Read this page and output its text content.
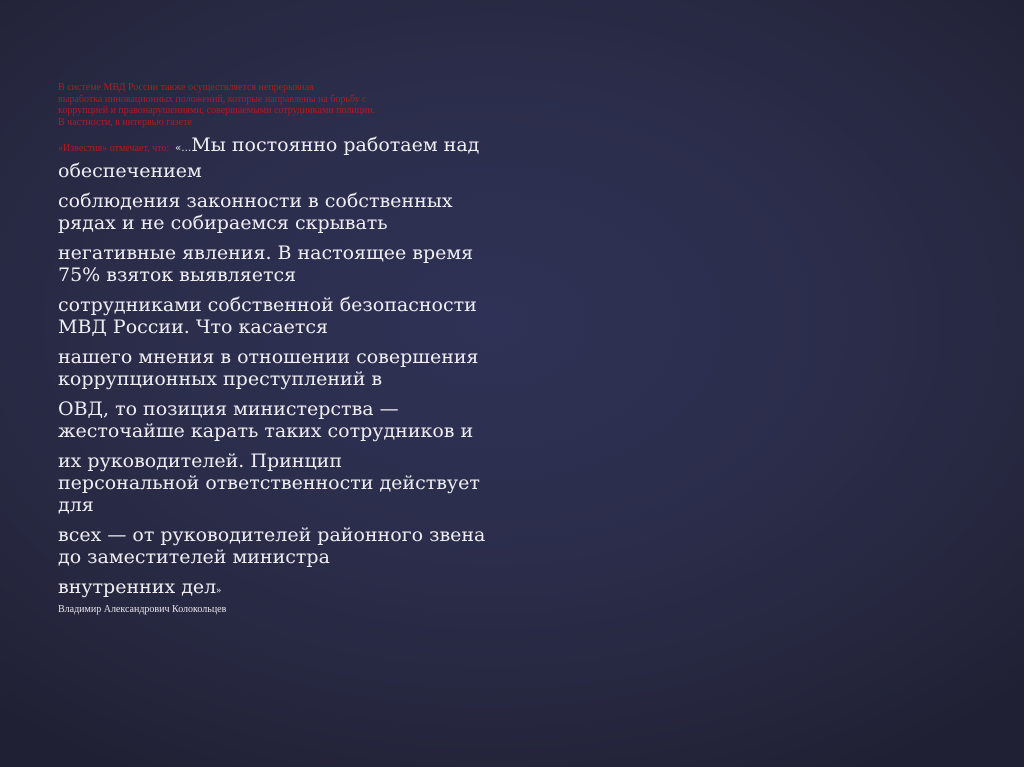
В системе МВД России также осуществляется непрерывная
выработка инновационных положений, которые направлены на борьбу с
коррупцией и правонарушениями, совершаемыми сотрудниками полиции.
В частности, в интервью газете
«Известия» отмечает, что: «…Мы постоянно работаем над
обеспечением
соблюдения законности в собственных
рядах и не собираемся скрывать
негативные явления. В настоящее время
75% взяток выявляется
сотрудниками собственной безопасности
МВД России. Что касается
нашего мнения в отношении совершения
коррупционных преступлений в
ОВД, то позиция министерства —
жесточайше карать таких сотрудников и
их руководителей. Принцип
персональной ответственности действует
для
всех — от руководителей районного звена
до заместителей министра
внутренних дел»
Владимир Александрович Колокольцев
